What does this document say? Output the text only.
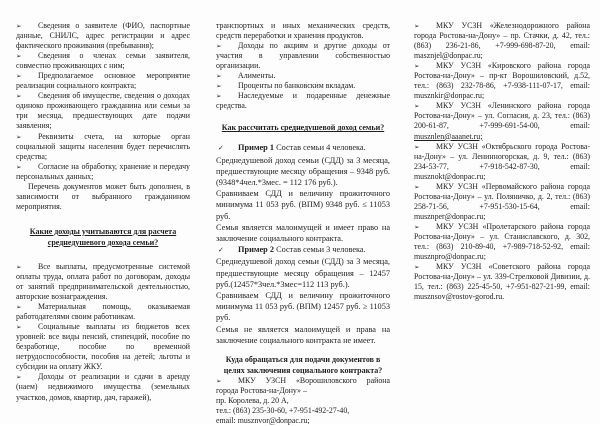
➢ Сведения о заявителе (ФИО, паспортные данные, СНИЛС, адрес регистрации и адрес фактического проживания (пребывания);

➢ Сведения о членах семьи заявителя, совместно проживающих с ним;

➢ Предполагаемое основное мероприятие реализации социального контракта;

➢ Сведения об имуществе, сведения о доходах одиноко проживающего гражданина или семьи за три месяца, предшествующих дате подачи заявления;

➢ Реквизиты счета, на которые орган социальной защиты населения будет перечислять средства;

➢ Согласие на обработку, хранение и передачу персональных данных;

Перечень документов может быть дополнен, в зависимости от выбранного гражданином мероприятия.

Какие доходы учитываются для расчета среднедушевого дохода семьи?

➢ Все выплаты, предусмотренные системой оплаты труда, оплата работ по договорам, доходы от занятий предпринимательской деятельностью, авторские вознаграждения.

➢ Материальная помощь, оказываемая работодателями своим работникам.

➢ Социальные выплаты из бюджетов всех уровней: все виды пенсий, стипендий, пособие по безработице, пособие по временной нетрудоспособности, пособия на детей; льготы и субсидии на оплату ЖКУ.

➢ Доходы от реализации и сдачи в аренду (наем) недвижимого имущества (земельных участков, домов, квартир, дач, гаражей),

транспортных и иных механических средств, средств переработки и хранения продуктов.

➢ Доходы по акциям и другие доходы от участия в управлении собственностью организации.

➢ Алименты.

➢ Проценты по банковским вкладам.

➢ Наследуемые и подаренные денежные средства.

Как рассчитать среднедушевой доход семьи?

✓ Пример 1 Состав семьи 4 человека.

Среднедушевой доход семьи (СДД) за 3 месяца, предшествующие месяцу обращения – 9348 руб.(9348*4чел.*3мес. = 112 176 руб.).

Сравниваем СДД и величину прожиточного минимума 11 053 руб. (ВПМ) 9348 руб. ≤ 11053 руб.

Семья является малоимущей и имеет право на заключение социального контракта.

✓ Пример 2 Состав семьи 3 человека.

Среднедушевой доход семьи (СДД) за 3 месяца, предшествующие месяцу обращения – 12457 руб.(12457*3чел.*3мес=112 113 руб.).

Сравниваем СДД и величину прожиточного минимума 11 053 руб. (ВПМ) 12457 руб. ≥ 11053 руб.

Семья не является малоимущей и права на заключение социального контракта не имеет.

Куда обращаться для подачи документов в целях заключения социального контракта?

➢ МКУ УЗСН «Ворошиловского района города Ростова-на-Дону» –

пр. Королева, д. 20 А,

тел.: (863) 235-30-60, +7-951-492-27-40,

email: musznvor@donpac.ru;

➢ МКУ УСЗН «Железнодорожного района города Ростова-на-Дону» – пр. Стачки, д. 42, тел.: (863) 236-21-86, +7-999-698-87-20, email: masznjel@donpac.ru;

➢ МКУ УСЗН «Кировского района города Ростова-на-Дону» – пр-кт Ворошиловский, д.52, тел.: (863) 232-78-86, +7-938-111-07-17, email: musznkir@donpac.ru;

➢ МКУ УСЗН «Ленинского района города Ростова-на-Дону» – ул. Согласия, д. 23, тел.: (863) 200-61-87, +7-999-691-54-00, email: musznlen@aaanet.ru;

➢ МКУ УСЗН «Октябрьского города Ростова-на-Дону» – ул. Ленинногорская, д. 9, тел.: (863) 234-53-77, +7-918-542-87-30, email: musznokt@donpac.ru;

➢ МКУ УСЗН «Первомайского района города Ростова-на-Дону» – ул. Поляничко, д. 2, тел.: (863) 258-71-56, +7-951-530-15-64,	email: musznper@donpac.ru;

➢ МКУ УСЗН «Пролетарского района города Ростова-на-Дону» – ул. Станиславского, д. 302, тел.: (863) 210-89-40, +7-989-718-52-92, email: musznpro@donpac.ru;

➢ МКУ УСЗН «Советского района города Ростова-на-Дону» – ул. 339-Стрелковой Дивизии, д. 15, тел.: (863) 225-45-50, +7-951-827-21-99, email: musznsov@rostov-gorod.ru.
